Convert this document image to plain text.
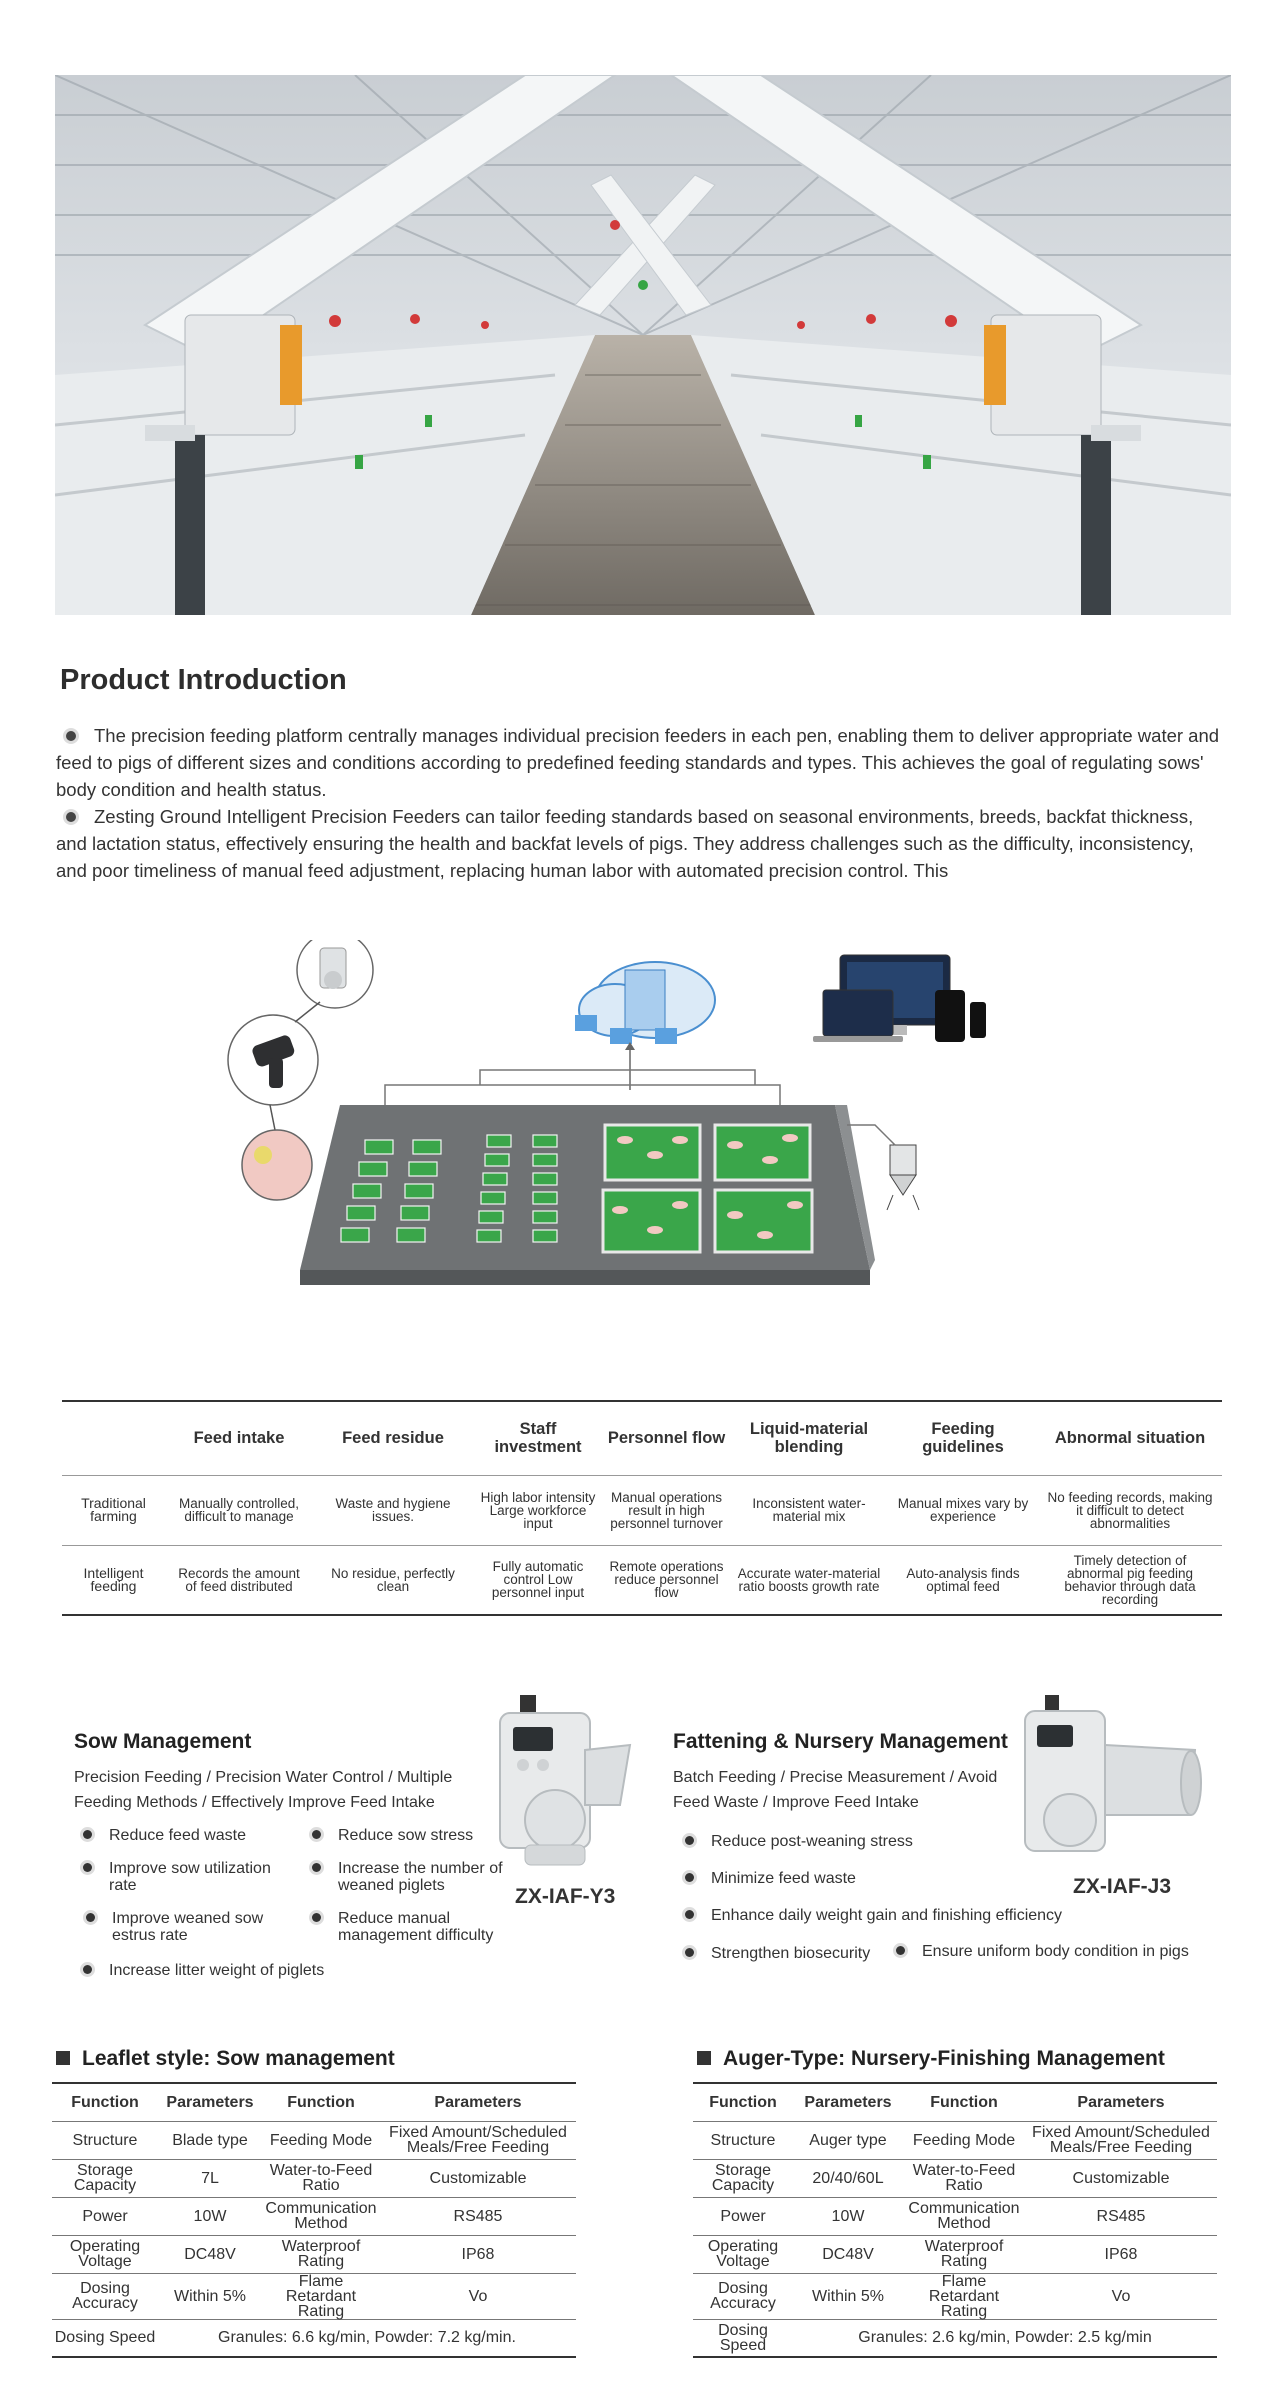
Product Introduction

The precision feeding platform centrally manages individual precision feeders in each pen, enabling them to deliver appropriate water and feed to pigs of different sizes and conditions according to predefined feeding standards and types. This achieves the goal of regulating sows' body condition and health status.

Zesting Ground Intelligent Precision Feeders can tailor feeding standards based on seasonal environments, breeds, backfat thickness, and lactation status, effectively ensuring the health and backfat levels of pigs. They address challenges such as the difficulty, inconsistency, and poor timeliness of manual feed adjustment, replacing human labor with automated precision control. This

	Feed intake	Feed residue	Staff investment	Personnel flow	Liquid-material blending	Feeding guidelines	Abnormal situation
Traditional farming	Manually controlled, difficult to manage	Waste and hygiene issues.	High labor intensity Large workforce input	Manual operations result in high personnel turnover	Inconsistent water-material mix	Manual mixes vary by experience	No feeding records, making it difficult to detect abnormalities
Intelligent feeding	Records the amount of feed distributed	No residue, perfectly clean	Fully automatic control Low personnel input	Remote operations reduce personnel flow	Accurate water-material ratio boosts growth rate	Auto-analysis finds optimal feed	Timely detection of abnormal pig feeding behavior through data recording
Sow Management
Precision Feeding / Precision Water Control / Multiple Feeding Methods / Effectively Improve Feed Intake
Reduce feed waste	Reduce sow stress
Improve sow utilization rate
Increase the number of weaned piglets
Improve weaned sow estrus rate
Reduce manual management difficulty
Increase litter weight of piglets
ZX-IAF-Y3
Fattening & Nursery Management
Batch Feeding / Precise Measurement / Avoid Feed Waste / Improve Feed Intake
Reduce post-weaning stress
Minimize feed waste
Enhance daily weight gain and finishing efficiency
Strengthen biosecurity	Ensure uniform body condition in pigs
ZX-IAF-J3
Leaflet style: Sow management
Function	Parameters	Function	Parameters
Structure	Blade type	Feeding Mode	Fixed Amount/Scheduled Meals/Free Feeding
Storage Capacity	7L	Water-to-Feed Ratio	Customizable
Power	10W	Communication Method	RS485
Operating Voltage	DC48V	Waterproof Rating	IP68
Dosing Accuracy	Within 5%	Flame Retardant Rating	Vo
Dosing Speed	Granules: 6.6 kg/min, Powder: 7.2 kg/min.		
Auger-Type: Nursery-Finishing Management
Function	Parameters	Function	Parameters
Structure	Auger type	Feeding Mode	Fixed Amount/Scheduled Meals/Free Feeding
Storage Capacity	20/40/60L	Water-to-Feed Ratio	Customizable
Power	10W	Communication Method	RS485
Operating Voltage	DC48V	Waterproof Rating	IP68
Dosing Accuracy	Within 5%	Flame Retardant Rating	Vo
Dosing Speed	Granules: 2.6 kg/min, Powder: 2.5 kg/min		
